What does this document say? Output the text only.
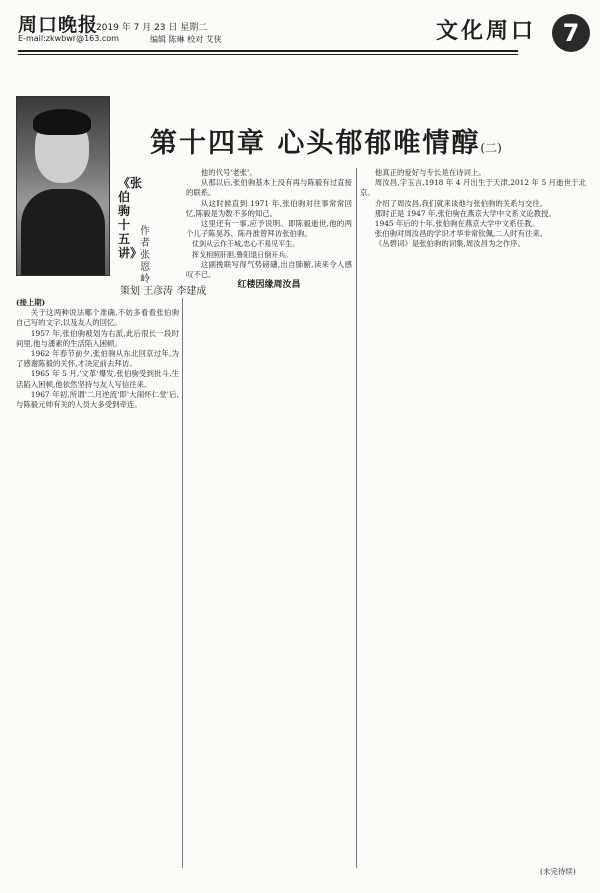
周口晚报
2019 年 7 月 23 日 星期二
E-mail:zkwbwr@163.com	编辑 陈琳 校对 艾侠	文化周口	7
第十四章 心头郁郁唯情醇(二)
《张伯驹十五讲》
作者 张恩岭
策划 王彦涛 李建成

(接上期)

关于这两种说法哪个准确,不妨多看看张伯驹自己写的文字,以及友人的回忆。

1957 年,张伯驹被划为右派,此后很长一段时间里,他与潘素的生活陷入困顿。

1962 年春节前夕,张伯驹从东北回京过年,为了感谢陈毅的关怀,才决定前去拜访。

1965 年 5 月,'文革'爆发,张伯驹受到批斗,生活陷入困顿,他依然坚持与友人写信往来。

1967 年初,所谓'二月逆流'即'大闹怀仁堂'后,与陈毅元帅有关的人员大多受到牵连。

他的代号'老张'。

从那以后,张伯驹基本上没有再与陈毅有过直接的联系。

从这时候直到 1971 年,张伯驹对往事常常回忆,陈毅是为数不多的知己。

这里还有一事,应予说明。即陈毅逝世,他的两个儿子陈昊苏、陈丹淮曾拜访张伯驹。

仗剑从云作干城,忠心不易见平生。

挥戈相照肝胆,鲁阳退日倒开兵。

这副挽联写得气势磅礴,出自肺腑,读来令人感叹不已。

红楼因缘周汝昌

他真正的爱好与专长是在诗词上。

周汝昌,字玉言,1918 年 4 月出生于天津,2012 年 5 月逝世于北京。

介绍了周汝昌,我们就来谈他与张伯驹的关系与交往。

那时正是 1947 年,张伯驹在燕京大学中文系文论教授。

1945 年后的十年,张伯驹在燕京大学中文系任教。

张伯驹对周汝昌的学识才华非常钦佩,二人时有往来。

《丛碧词》是张伯驹的词集,周汝昌为之作序。

(未完待续)
